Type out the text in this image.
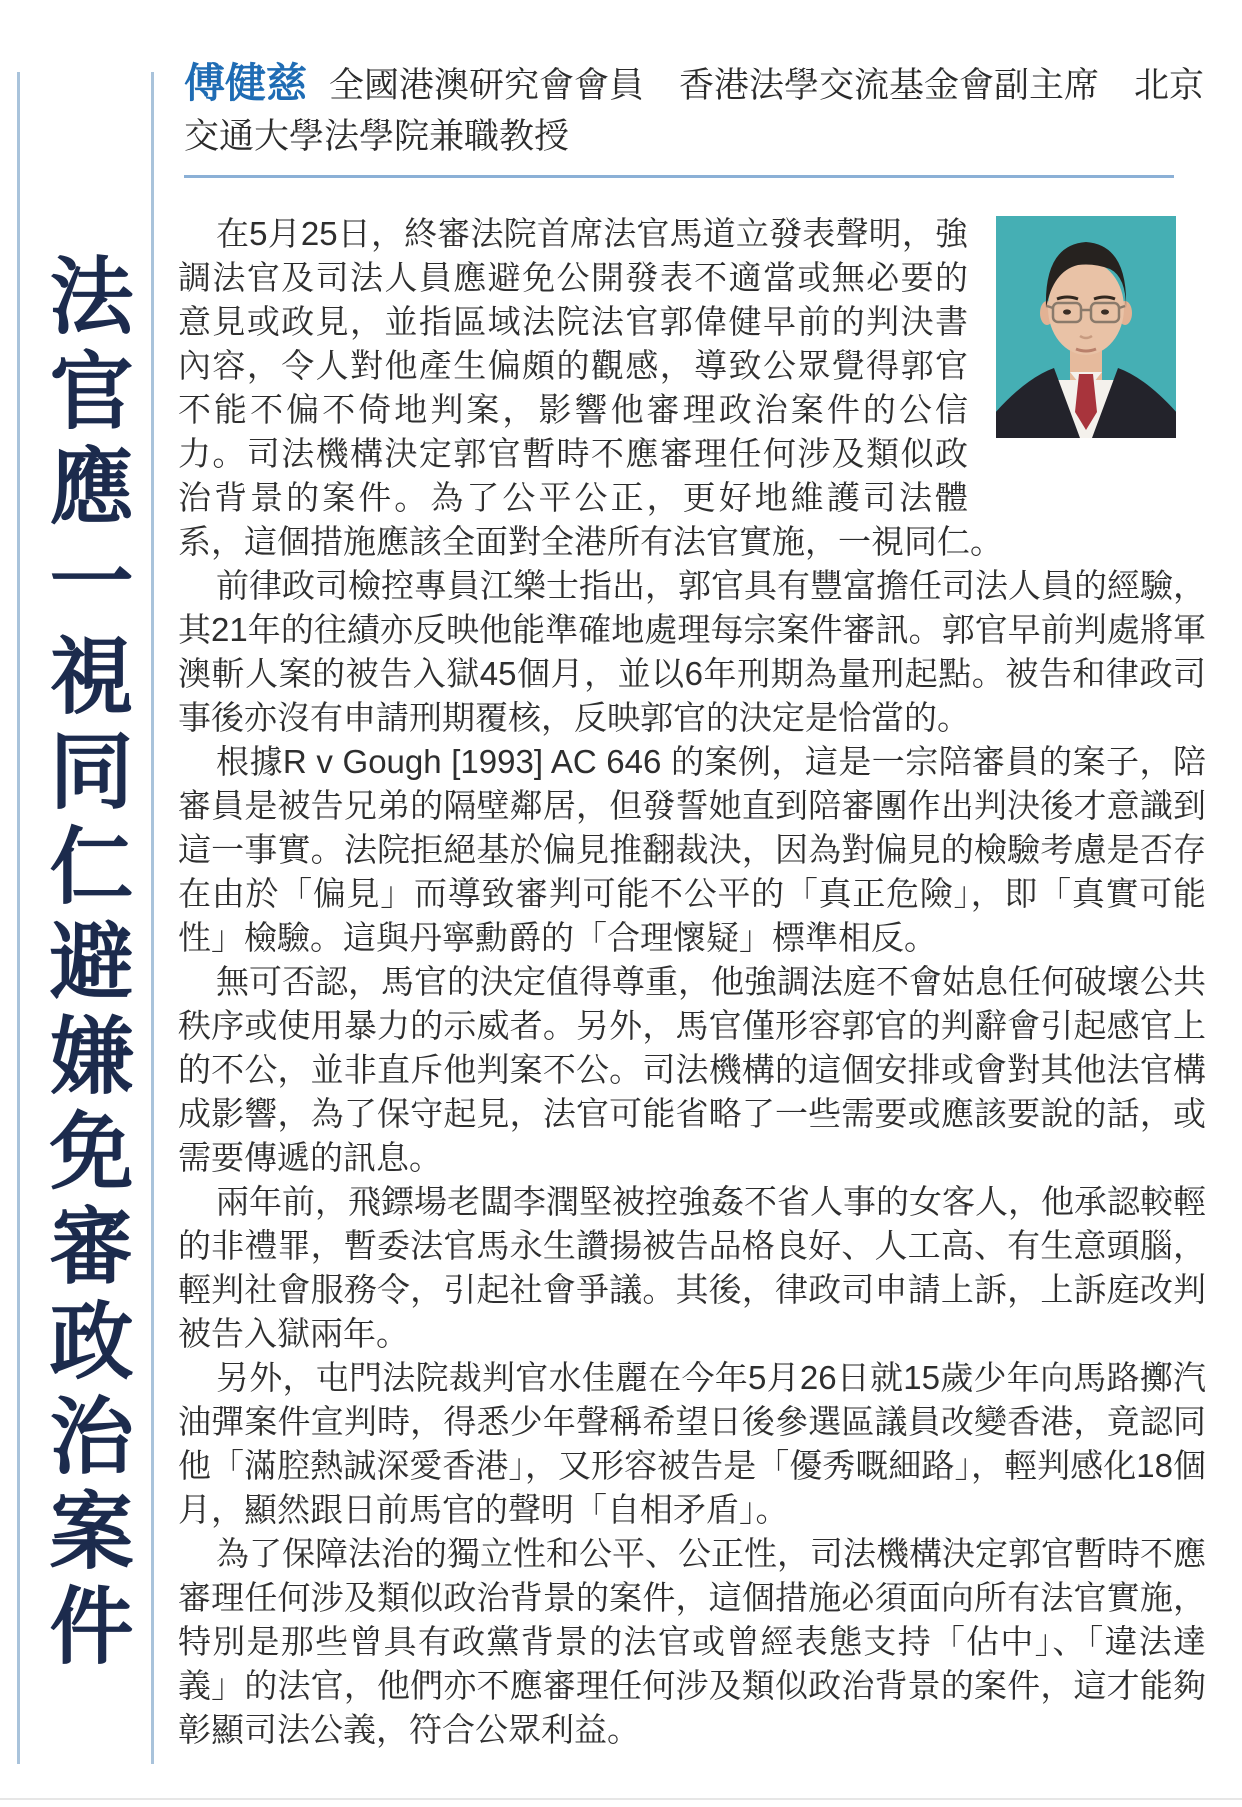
法官應一視同仁避嫌免審政治案件
傅健慈 全國港澳研究會會員　香港法學交流基金會副主席　北京交通大學法學院兼職教授

在5月25日，終審法院首席法官馬道立發表聲明，強調法官及司法人員應避免公開發表不適當或無必要的意見或政見，並指區域法院法官郭偉健早前的判決書內容，令人對他產生偏頗的觀感，導致公眾覺得郭官不能不偏不倚地判案，影響他審理政治案件的公信力。司法機構決定郭官暫時不應審理任何涉及類似政治背景的案件。為了公平公正，更好地維護司法體系，這個措施應該全面對全港所有法官實施，一視同仁。

前律政司檢控專員江樂士指出，郭官具有豐富擔任司法人員的經驗，其21年的往績亦反映他能準確地處理每宗案件審訊。郭官早前判處將軍澳斬人案的被告入獄45個月，並以6年刑期為量刑起點。被告和律政司事後亦沒有申請刑期覆核，反映郭官的決定是恰當的。

根據R v Gough [1993] AC 646 的案例，這是一宗陪審員的案子，陪審員是被告兄弟的隔壁鄰居，但發誓她直到陪審團作出判決後才意識到這一事實。法院拒絕基於偏見推翻裁決，因為對偏見的檢驗考慮是否存在由於「偏見」而導致審判可能不公平的「真正危險」，即「真實可能性」檢驗。這與丹寧勳爵的「合理懷疑」標準相反。

無可否認，馬官的決定值得尊重，他強調法庭不會姑息任何破壞公共秩序或使用暴力的示威者。另外，馬官僅形容郭官的判辭會引起感官上的不公，並非直斥他判案不公。司法機構的這個安排或會對其他法官構成影響，為了保守起見，法官可能省略了一些需要或應該要說的話，或需要傳遞的訊息。

兩年前，飛鏢場老闆李潤堅被控強姦不省人事的女客人，他承認較輕的非禮罪，暫委法官馬永生讚揚被告品格良好、人工高、有生意頭腦，輕判社會服務令，引起社會爭議。其後，律政司申請上訴，上訴庭改判被告入獄兩年。

另外，屯門法院裁判官水佳麗在今年5月26日就15歲少年向馬路擲汽油彈案件宣判時，得悉少年聲稱希望日後參選區議員改變香港，竟認同他「滿腔熱誠深愛香港」，又形容被告是「優秀嘅細路」，輕判感化18個月，顯然跟日前馬官的聲明「自相矛盾」。

為了保障法治的獨立性和公平、公正性，司法機構決定郭官暫時不應審理任何涉及類似政治背景的案件，這個措施必須面向所有法官實施，特別是那些曾具有政黨背景的法官或曾經表態支持「佔中」、「違法達義」的法官，他們亦不應審理任何涉及類似政治背景的案件，這才能夠彰顯司法公義，符合公眾利益。
